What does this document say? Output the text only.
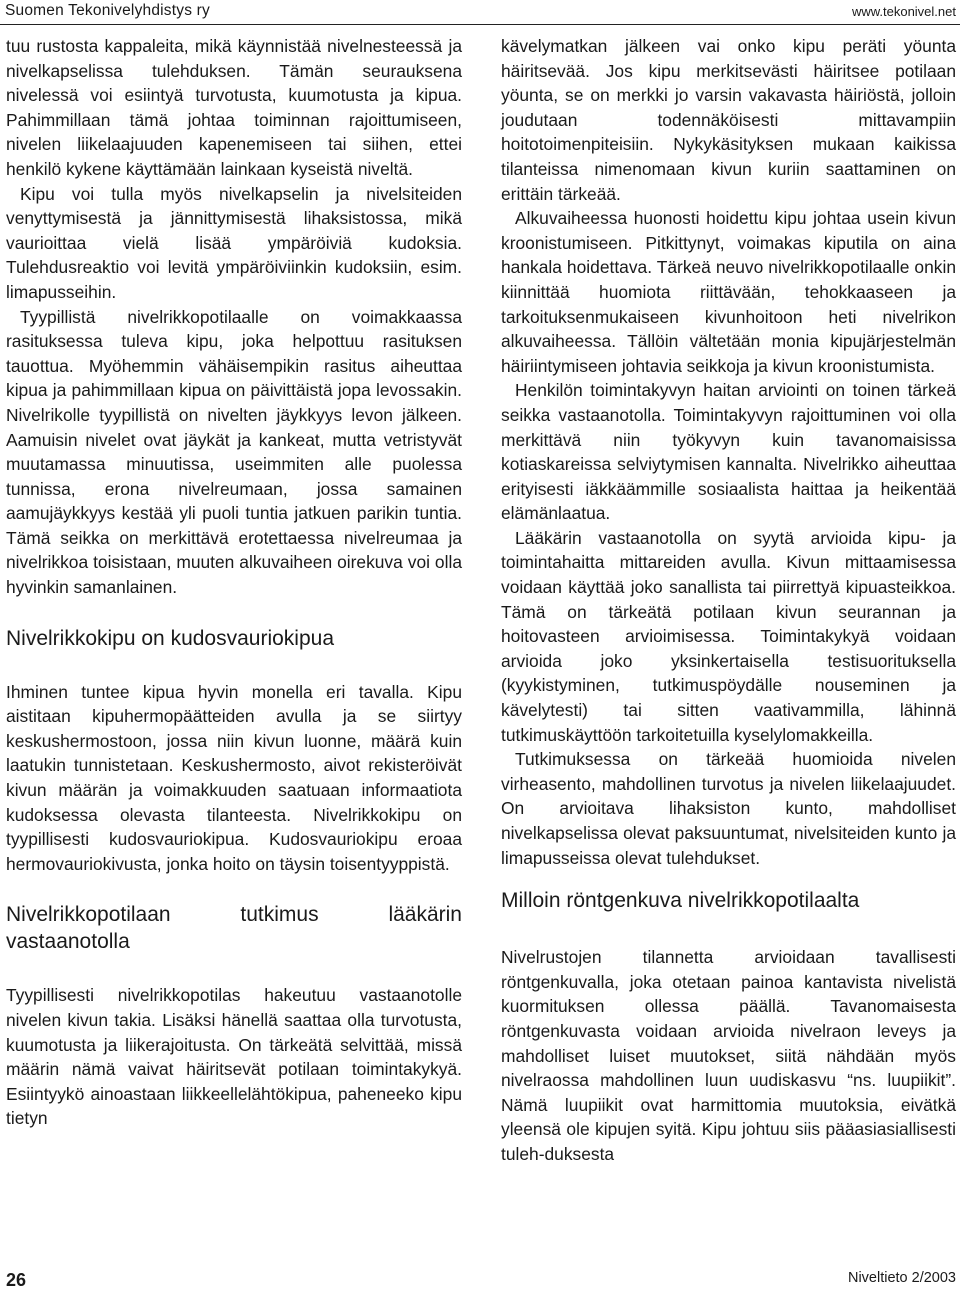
Suomen Tekonivelyhdistys ry	www.tekonivel.net

tuu rustosta kappaleita, mikä käynnistää nivelnesteessä ja nivelkapselissa tulehduksen. Tämän seurauksena nivelessä voi esiintyä turvotusta, kuumotusta ja kipua. Pahimmillaan tämä johtaa toiminnan rajoittumiseen, nivelen liikelaajuuden kapenemiseen tai siihen, ettei henkilö kykene käyttämään lainkaan kyseistä niveltä.

Kipu voi tulla myös nivelkapselin ja nivelsiteiden venyttymisestä ja jännittymisestä lihaksistossa, mikä vaurioittaa vielä lisää ympäröiviä kudoksia. Tulehdusreaktio voi levitä ympäröiviinkin kudoksiin, esim. limapusseihin.

Tyypillistä nivelrikkopotilaalle on voimakkaassa rasituksessa tuleva kipu, joka helpottuu rasituksen tauottua. Myöhemmin vähäisempikin rasitus aiheuttaa kipua ja pahimmillaan kipua on päivittäistä jopa levossakin. Nivelrikolle tyypillistä on nivelten jäykkyys levon jälkeen. Aamuisin nivelet ovat jäykät ja kankeat, mutta vetristyvät muutamassa minuutissa, useimmiten alle puolessa tunnissa, erona nivelreumaan, jossa samainen aamujäykkyys kestää yli puoli tuntia jatkuen parikin tuntia. Tämä seikka on merkittävä erotettaessa nivelreumaa ja nivelrikkoa toisistaan, muuten alkuvaiheen oirekuva voi olla hyvinkin samanlainen.

Nivelrikkokipu on kudosvauriokipua

Ihminen tuntee kipua hyvin monella eri tavalla. Kipu aistitaan kipuhermopäätteiden avulla ja se siirtyy keskushermostoon, jossa niin kivun luonne, määrä kuin laatukin tunnistetaan. Keskushermosto, aivot rekisteröivät kivun määrän ja voimakkuuden saatuaan informaatiota kudoksessa olevasta tilanteesta. Nivelrikkokipu on tyypillisesti kudosvauriokipua. Kudosvauriokipu eroaa hermovauriokivusta, jonka hoito on täysin toisentyyppistä.

Nivelrikkopotilaan tutkimus lääkärin vastaanotolla

Tyypillisesti nivelrikkopotilas hakeutuu vastaanotolle nivelen kivun takia. Lisäksi hänellä saattaa olla turvotusta, kuumotusta ja liikerajoitusta. On tärkeätä selvittää, missä määrin nämä vaivat häiritsevät potilaan toimintakykyä. Esiintyykö ainoastaan liikkeellelähtökipua, paheneeko kipu tietyn

kävelymatkan jälkeen vai onko kipu peräti yöunta häiritsevää. Jos kipu merkitsevästi häiritsee potilaan yöunta, se on merkki jo varsin vakavasta häiriöstä, jolloin joudutaan todennäköisesti mittavampiin hoitotoimenpiteisiin. Nykykäsityksen mukaan kaikissa tilanteissa nimenomaan kivun kuriin saattaminen on erittäin tärkeää.

Alkuvaiheessa huonosti hoidettu kipu johtaa usein kivun kroonistumiseen. Pitkittynyt, voimakas kiputila on aina hankala hoidettava. Tärkeä neuvo nivelrikkopotilaalle onkin kiinnittää huomiota riittävään, tehokkaaseen ja tarkoituksenmukaiseen kivunhoitoon heti nivelrikon alkuvaiheessa. Tällöin vältetään monia kipujärjestelmän häiriintymiseen johtavia seikkoja ja kivun kroonistumista.

Henkilön toimintakyvyn haitan arviointi on toinen tärkeä seikka vastaanotolla. Toimintakyvyn rajoittuminen voi olla merkittävä niin työkyvyn kuin tavanomaisissa kotiaskareissa selviytymisen kannalta. Nivelrikko aiheuttaa erityisesti iäkkäämmille sosiaalista haittaa ja heikentää elämänlaatua.

Lääkärin vastaanotolla on syytä arvioida kipu- ja toimintahaitta mittareiden avulla. Kivun mittaamisessa voidaan käyttää joko sanallista tai piirrettyä kipuasteikkoa. Tämä on tärkeätä potilaan kivun seurannan ja hoitovasteen arvioimisessa. Toimintakykyä voidaan arvioida joko yksinkertaisella testisuorituksella (kyykistyminen, tutkimuspöydälle nouseminen ja kävelytesti) tai sitten vaativammilla, lähinnä tutkimuskäyttöön tarkoitetuilla kyselylomakkeilla.

Tutkimuksessa on tärkeää huomioida nivelen virheasento, mahdollinen turvotus ja nivelen liikelaajuudet. On arvioitava lihaksiston kunto, mahdolliset nivelkapselissa olevat paksuuntumat, nivelsiteiden kunto ja limapusseissa olevat tulehdukset.

Milloin röntgenkuva nivelrikkopotilaalta

Nivelrustojen tilannetta arvioidaan tavallisesti röntgenkuvalla, joka otetaan painoa kantavista nivelistä kuormituksen ollessa päällä. Tavanomaisesta röntgenkuvasta voidaan arvioida nivelraon leveys ja mahdolliset luiset muutokset, siitä nähdään myös nivelraossa mahdollinen luun uudiskasvu “ns. luupiikit”. Nämä luupiikit ovat harmittomia muutoksia, eivätkä yleensä ole kipujen syitä. Kipu johtuu siis pääasiasiallisesti tuleh-duksesta

26	Niveltieto 2/2003
